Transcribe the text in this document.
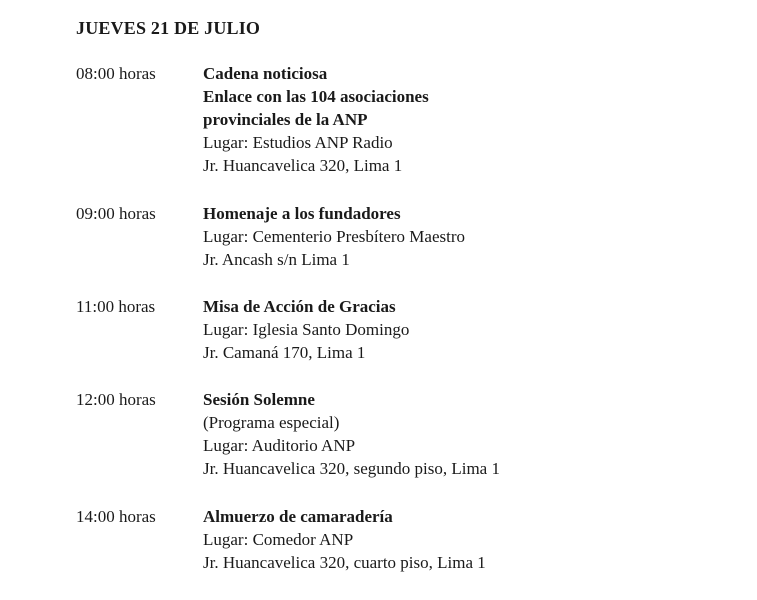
JUEVES 21 DE JULIO
08:00 horas	Cadena noticiosa
Enlace con las 104 asociaciones
provinciales de la ANP
Lugar: Estudios ANP Radio
Jr. Huancavelica 320, Lima 1
09:00 horas	Homenaje a los fundadores
Lugar: Cementerio Presbítero Maestro
Jr. Ancash s/n Lima 1
11:00 horas	Misa de Acción de Gracias
Lugar: Iglesia Santo Domingo
Jr. Camaná 170, Lima 1
12:00 horas	Sesión Solemne
(Programa especial)
Lugar: Auditorio ANP
Jr. Huancavelica 320, segundo piso, Lima 1
14:00 horas	Almuerzo de camaradería
Lugar: Comedor ANP
Jr. Huancavelica 320, cuarto piso, Lima 1
